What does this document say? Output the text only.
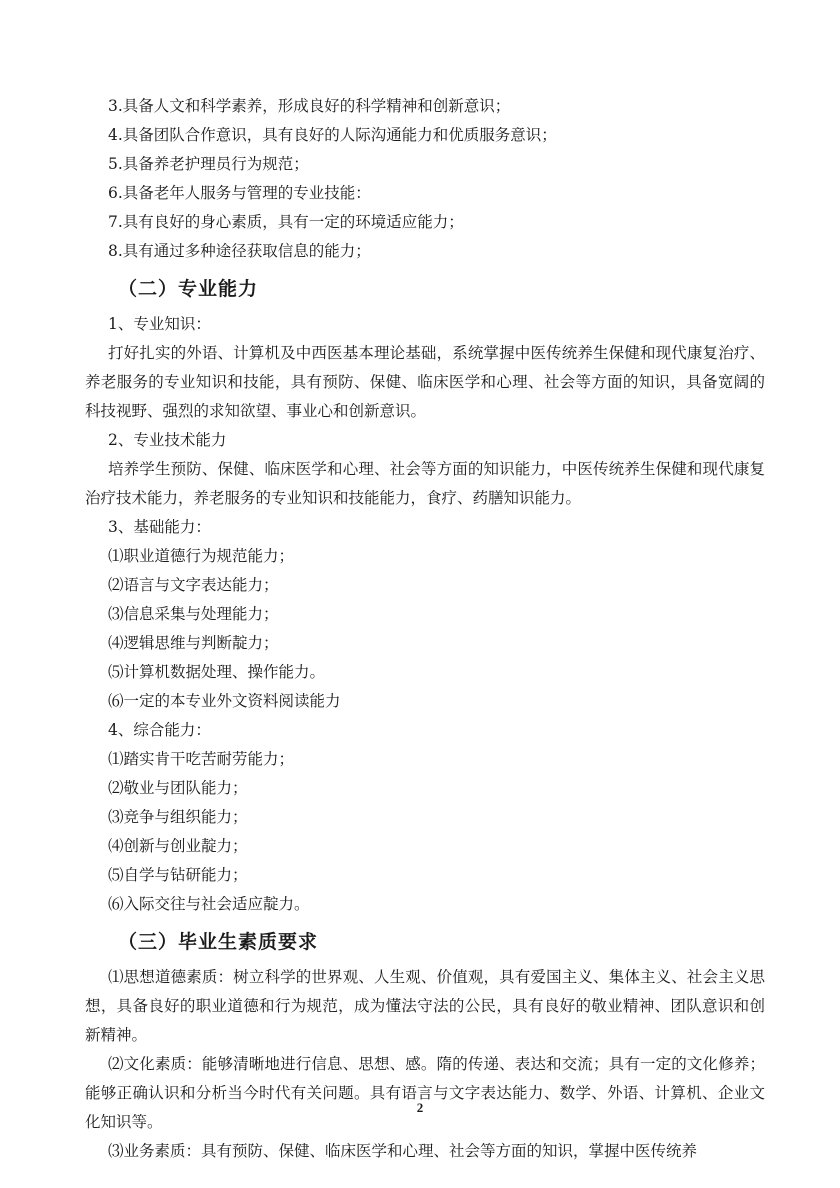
3.具备人文和科学素养，形成良好的科学精神和创新意识；

4.具备团队合作意识，具有良好的人际沟通能力和优质服务意识；

5.具备养老护理员行为规范；

6.具备老年人服务与管理的专业技能：

7.具有良好的身心素质，具有一定的环境适应能力；

8.具有通过多种途径获取信息的能力；

（二）专业能力

1、专业知识：

打好扎实的外语、计算机及中西医基本理论基础，系统掌握中医传统养生保健和现代康复治疗、养老服务的专业知识和技能，具有预防、保健、临床医学和心理、社会等方面的知识，具备宽阔的科技视野、强烈的求知欲望、事业心和创新意识。

2、专业技术能力

培养学生预防、保健、临床医学和心理、社会等方面的知识能力，中医传统养生保健和现代康复治疗技术能力，养老服务的专业知识和技能能力，食疗、药膳知识能力。

3、基础能力：

⑴职业道德行为规范能力；

⑵语言与文字表达能力；

⑶信息采集与处理能力；

⑷逻辑思维与判断靛力；

⑸计算机数据处理、操作能力。

⑹一定的本专业外文资料阅读能力

4、综合能力：

⑴踏实肯干吃苦耐劳能力；

⑵敬业与团队能力；

⑶竞争与组织能力；

⑷创新与创业靛力；

⑸自学与钻研能力；

⑹入际交往与社会适应靛力。

（三）毕业生素质要求

⑴思想道德素质：树立科学的世界观、人生观、价值观，具有爱国主义、集体主义、社会主义思想，具备良好的职业道德和行为规范，成为懂法守法的公民，具有良好的敬业精神、团队意识和创新精神。

⑵文化素质：能够清晰地进行信息、思想、感。隋的传递、表达和交流；具有一定的文化修养；能够正确认识和分析当今时代有关问题。具有语言与文字表达能力、数学、外语、计算机、企业文化知识等。

⑶业务素质：具有预防、保健、临床医学和心理、社会等方面的知识，掌握中医传统养

2
